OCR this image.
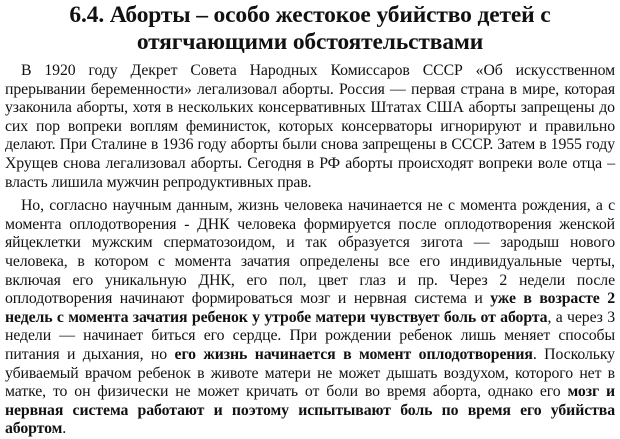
6.4. Аборты – особо жестокое убийство детей с отягчающими обстоятельствами

В 1920 году Декрет Совета Народных Комиссаров СССР «Об искусственном прерывании беременности» легализовал аборты. Россия — первая страна в мире, которая узаконила аборты, хотя в нескольких консервативных Штатах США аборты запрещены до сих пор вопреки воплям феминисток, которых консерваторы игнорируют и правильно делают. При Сталине в 1936 году аборты были снова запрещены в СССР. Затем в 1955 году Хрущев снова легализовал аборты. Сегодня в РФ аборты происходят вопреки воле отца – власть лишила мужчин репродуктивных прав.

Но, согласно научным данным, жизнь человека начинается не с момента рождения, а с момента оплодотворения - ДНК человека формируется после оплодотворения женской яйцеклетки мужским сперматозоидом, и так образуется зигота — зародыш нового человека, в котором с момента зачатия определены все его индивидуальные черты, включая его уникальную ДНК, его пол, цвет глаз и пр. Через 2 недели после оплодотворения начинают формироваться мозг и нервная система и уже в возрасте 2 недель с момента зачатия ребенок у утробе матери чувствует боль от аборта, а через 3 недели — начинает биться его сердце. При рождении ребенок лишь меняет способы питания и дыхания, но его жизнь начинается в момент оплодотворения. Поскольку убиваемый врачом ребенок в животе матери не может дышать воздухом, которого нет в матке, то он физически не может кричать от боли во время аборта, однако его мозг и нервная система работают и поэтому испытывают боль по время его убийства абортом.
